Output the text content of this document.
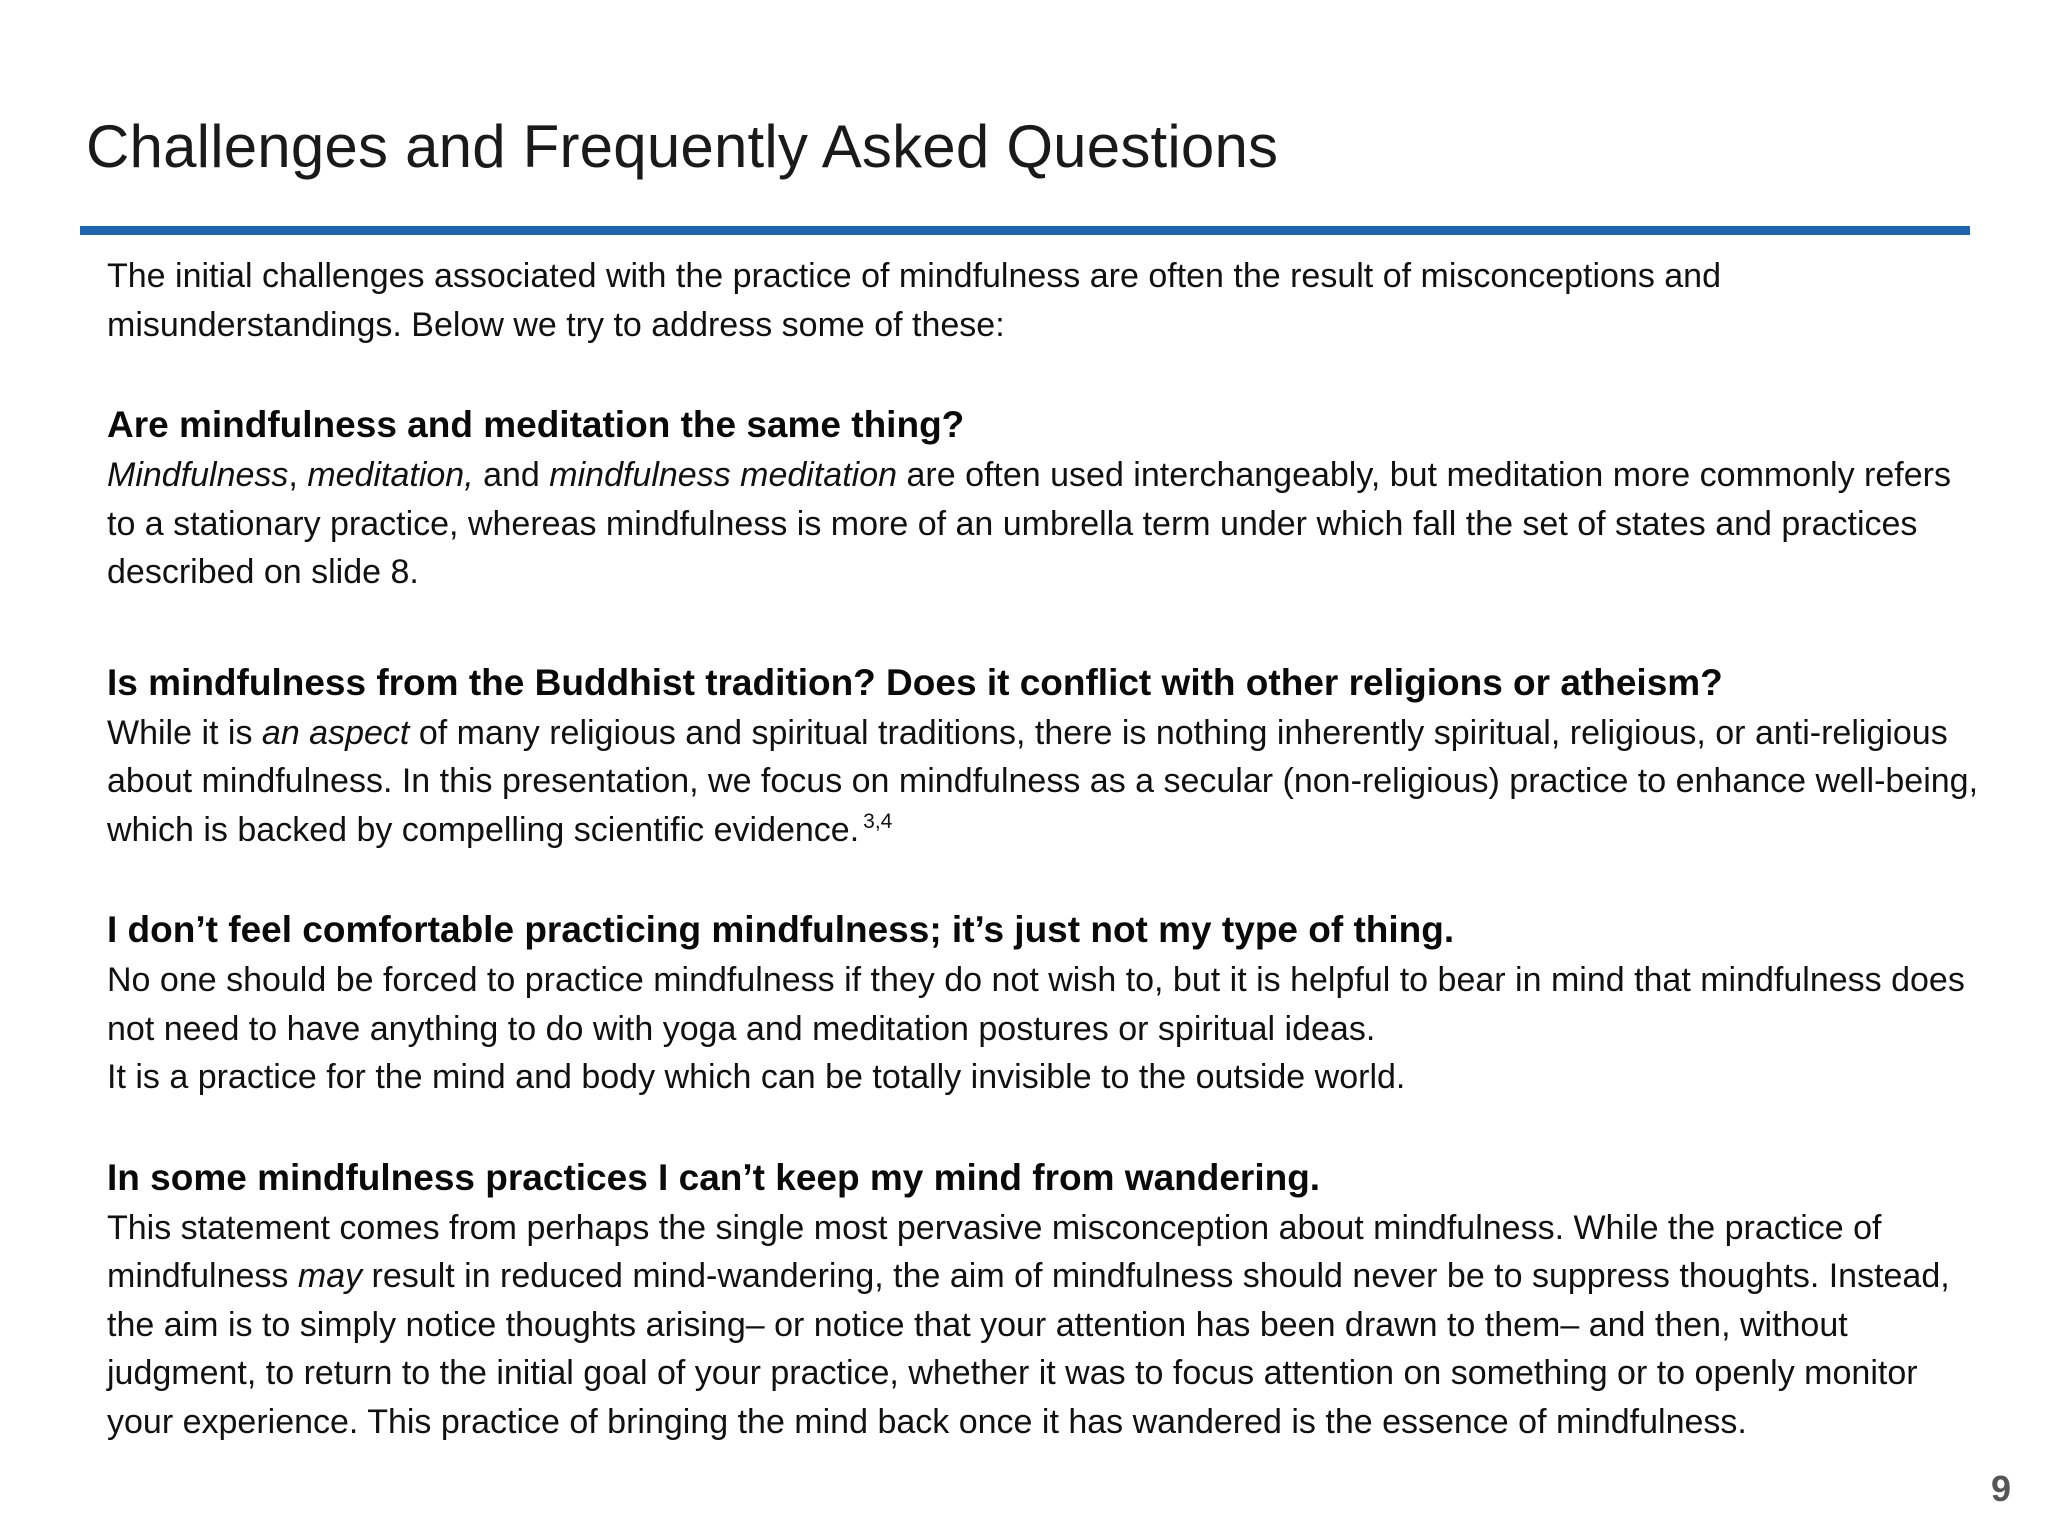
Challenges and Frequently Asked Questions

The initial challenges associated with the practice of mindfulness are often the result of misconceptions and misunderstandings. Below we try to address some of these:

Are mindfulness and meditation the same thing?

Mindfulness, meditation, and mindfulness meditation are often used interchangeably, but meditation more commonly refers to a stationary practice, whereas mindfulness is more of an umbrella term under which fall the set of states and practices described on slide 8.

Is mindfulness from the Buddhist tradition? Does it conflict with other religions or atheism?

While it is an aspect of many religious and spiritual traditions, there is nothing inherently spiritual, religious, or anti-religious about mindfulness. In this presentation, we focus on mindfulness as a secular (non-religious) practice to enhance well-being, which is backed by compelling scientific evidence. $^{3,4}$

I don’t feel comfortable practicing mindfulness; it’s just not my type of thing.

No one should be forced to practice mindfulness if they do not wish to, but it is helpful to bear in mind that mindfulness does not need to have anything to do with yoga and meditation postures or spiritual ideas.

It is a practice for the mind and body which can be totally invisible to the outside world.

In some mindfulness practices I can’t keep my mind from wandering.

This statement comes from perhaps the single most pervasive misconception about mindfulness. While the practice of mindfulness may result in reduced mind-wandering, the aim of mindfulness should never be to suppress thoughts. Instead, the aim is to simply notice thoughts arising– or notice that your attention has been drawn to them– and then, without judgment, to return to the initial goal of your practice, whether it was to focus attention on something or to openly monitor your experience. This practice of bringing the mind back once it has wandered is the essence of mindfulness.

9
